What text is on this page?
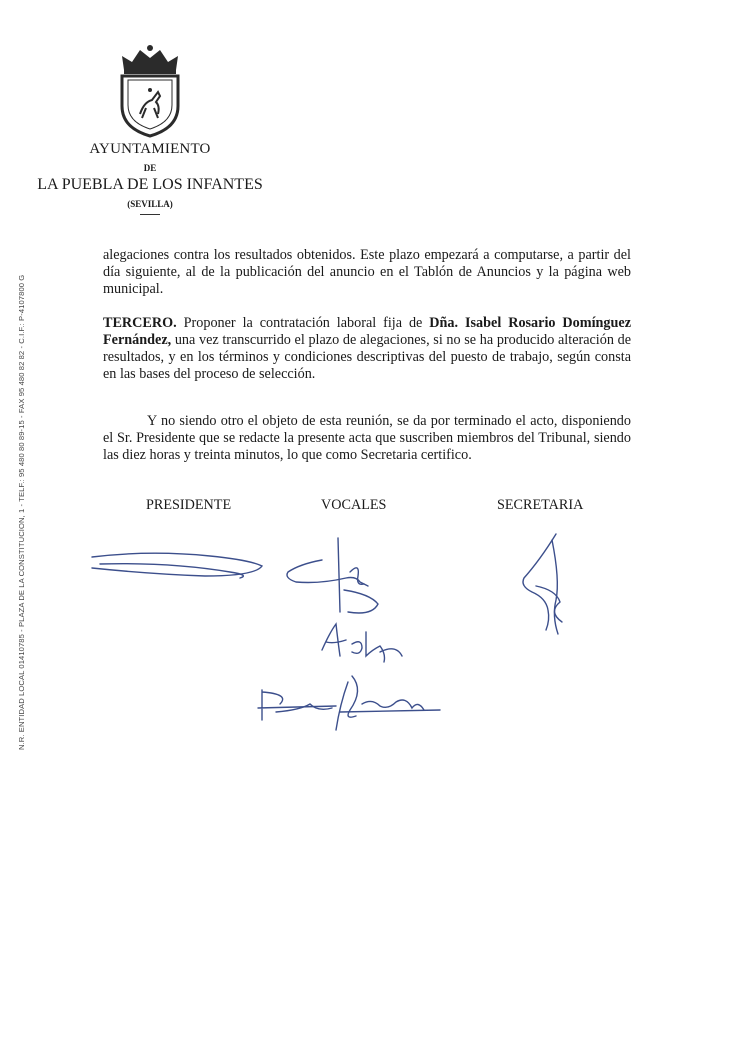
AYUNTAMIENTO
DE
LA PUEBLA DE LOS INFANTES
(SEVILLA)
N.R. ENTIDAD LOCAL 01410785 - PLAZA DE LA CONSTITUCION, 1 - TELF.: 95 480 80 89-15 - FAX 95 480 82 82 - C.I.F.: P-4107800 G

alegaciones contra los resultados obtenidos. Este plazo empezará a computarse, a partir del día siguiente, al de la publicación del anuncio en el Tablón de Anuncios y la página web municipal.

TERCERO. Proponer la contratación laboral fija de Dña. Isabel Rosario Domínguez Fernández, una vez transcurrido el plazo de alegaciones, si no se ha producido alteración de resultados, y en los términos y condiciones descriptivas del puesto de trabajo, según consta en las bases del proceso de selección.

Y no siendo otro el objeto de esta reunión, se da por terminado el acto, disponiendo el Sr. Presidente que se redacte la presente acta que suscriben miembros del Tribunal, siendo las diez horas y treinta minutos, lo que como Secretaria certifico.

PRESIDENTE	VOCALES	SECRETARIA
